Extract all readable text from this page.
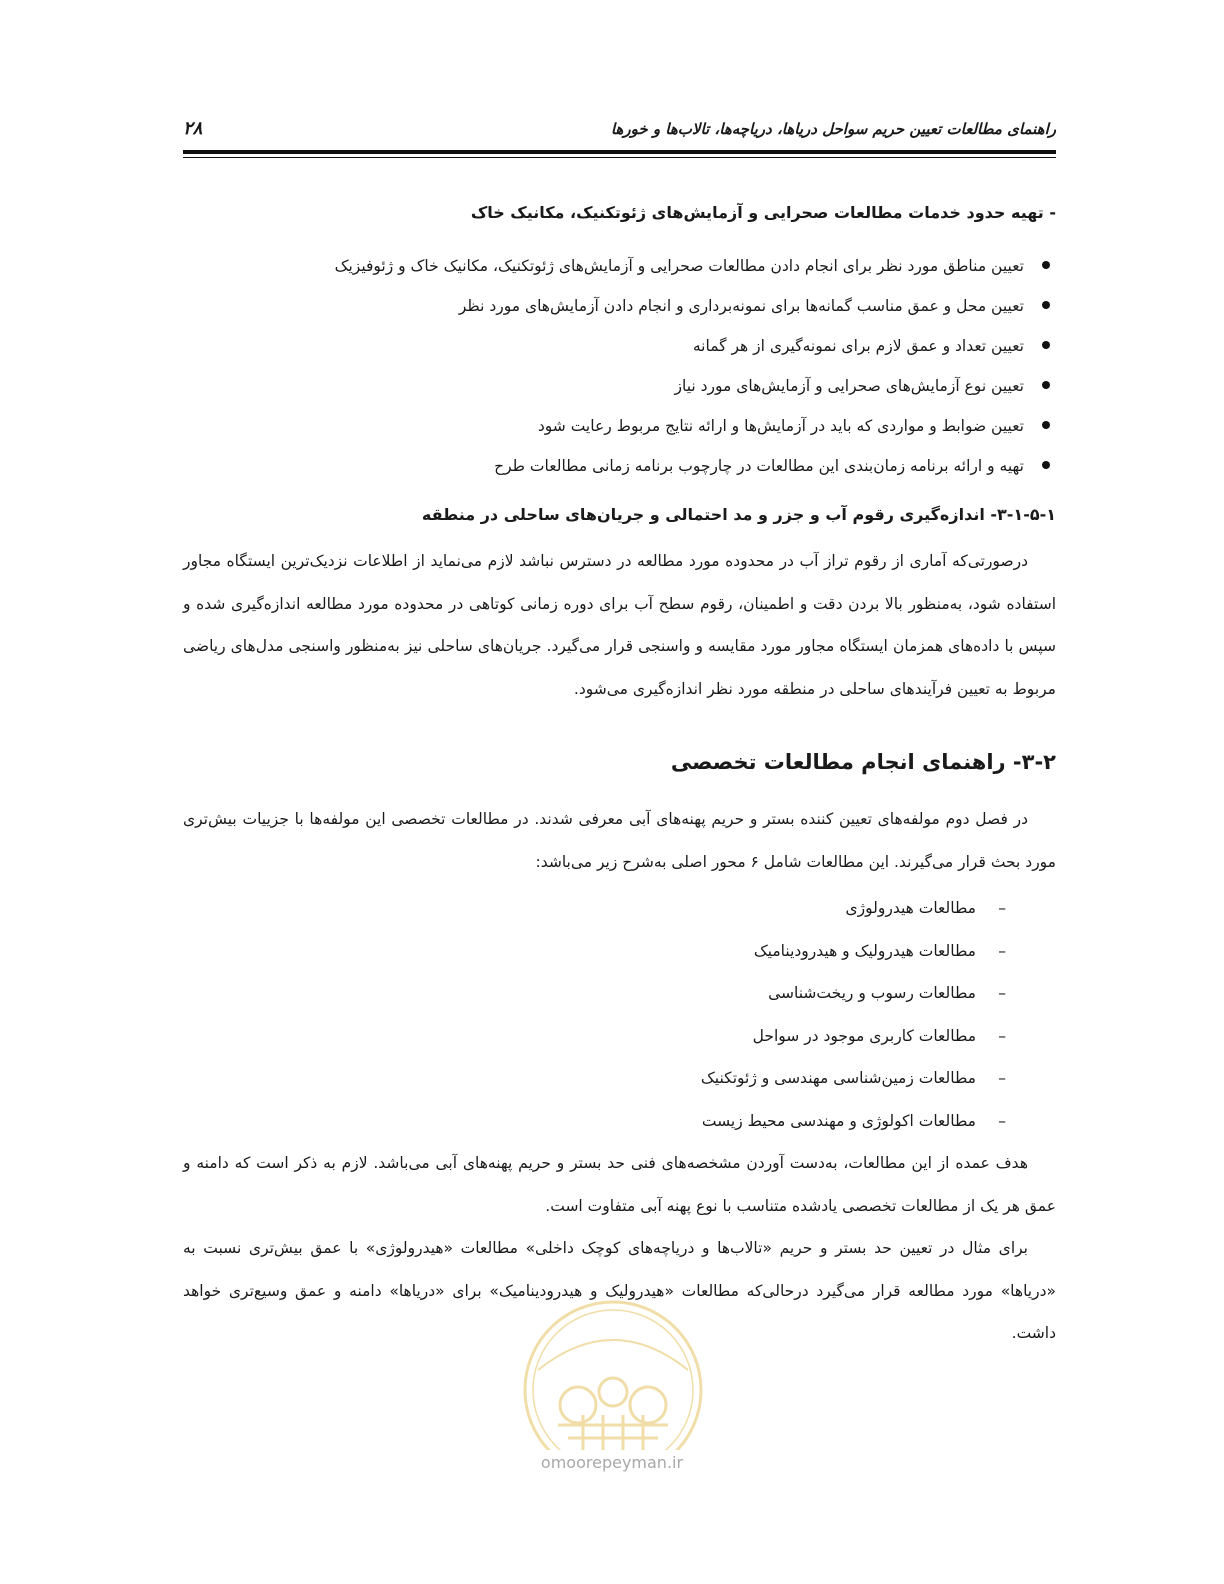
راهنمای مطالعات تعیین حریم سواحل دریاها، دریاچه‌ها، تالاب‌ها و خورها
۲۸
- تهیه حدود خدمات مطالعات صحرایی و آزمایش‌های ژئوتکنیک، مکانیک خاک
تعیین مناطق مورد نظر برای انجام دادن مطالعات صحرایی و آزمایش‌های ژئوتکنیک، مکانیک خاک و ژئوفیزیک
تعیین محل و عمق مناسب گمانه‌ها برای نمونه‌برداری و انجام دادن آزمایش‌های مورد نظر
تعیین تعداد و عمق لازم برای نمونه‌گیری از هر گمانه
تعیین نوع آزمایش‌های صحرایی و آزمایش‌های مورد نیاز
تعیین ضوابط و مواردی که باید در آزمایش‌ها و ارائه نتایج مربوط رعایت شود
تهیه و ارائه برنامه زمان‌بندی این مطالعات در چارچوب برنامه زمانی مطالعات طرح
۳-۱-۵-۱- اندازه‌گیری رقوم آب و جزر و مد احتمالی و جریان‌های ساحلی در منطقه

درصورتی‌که آماری از رقوم تراز آب در محدوده مورد مطالعه در دسترس نباشد لازم می‌نماید از اطلاعات نزدیک‌ترین ایستگاه مجاور استفاده شود، به‌منظور بالا بردن دقت و اطمینان، رقوم سطح آب برای دوره زمانی کوتاهی در محدوده مورد مطالعه اندازه‌گیری شده و سپس با داده‌های همزمان ایستگاه مجاور مورد مقایسه و واسنجی قرار می‌گیرد. جریان‌های ساحلی نیز به‌منظور واسنجی مدل‌های ریاضی مربوط به تعیین فرآیندهای ساحلی در منطقه مورد نظر اندازه‌گیری می‌شود.

۳-۲- راهنمای انجام مطالعات تخصصی

در فصل دوم مولفه‌های تعیین کننده بستر و حریم پهنه‌های آبی معرفی شدند. در مطالعات تخصصی این مولفه‌ها با جزییات بیش‌تری مورد بحث قرار می‌گیرند. این مطالعات شامل ۶ محور اصلی به‌شرح زیر می‌باشد:

–
مطالعات هیدرولوژی
–
مطالعات هیدرولیک و هیدرودینامیک
–
مطالعات رسوب و ریخت‌شناسی
–
مطالعات کاربری موجود در سواحل
–
مطالعات زمین‌شناسی مهندسی و ژئوتکنیک
–
مطالعات اکولوژی و مهندسی محیط زیست

هدف عمده از این مطالعات، به‌دست آوردن مشخصه‌های فنی حد بستر و حریم پهنه‌های آبی می‌باشد. لازم به ذکر است که دامنه و عمق هر یک از مطالعات تخصصی یادشده متناسب با نوع پهنه آبی متفاوت است.

برای مثال در تعیین حد بستر و حریم «تالاب‌ها و دریاچه‌های کوچک داخلی» مطالعات «هیدرولوژی» با عمق بیش‌تری نسبت به «دریاها» مورد مطالعه قرار می‌گیرد درحالی‌که مطالعات «هیدرولیک و هیدرودینامیک» برای «دریاها» دامنه و عمق وسیع‌تری خواهد داشت.

omoorepeyman.ir
